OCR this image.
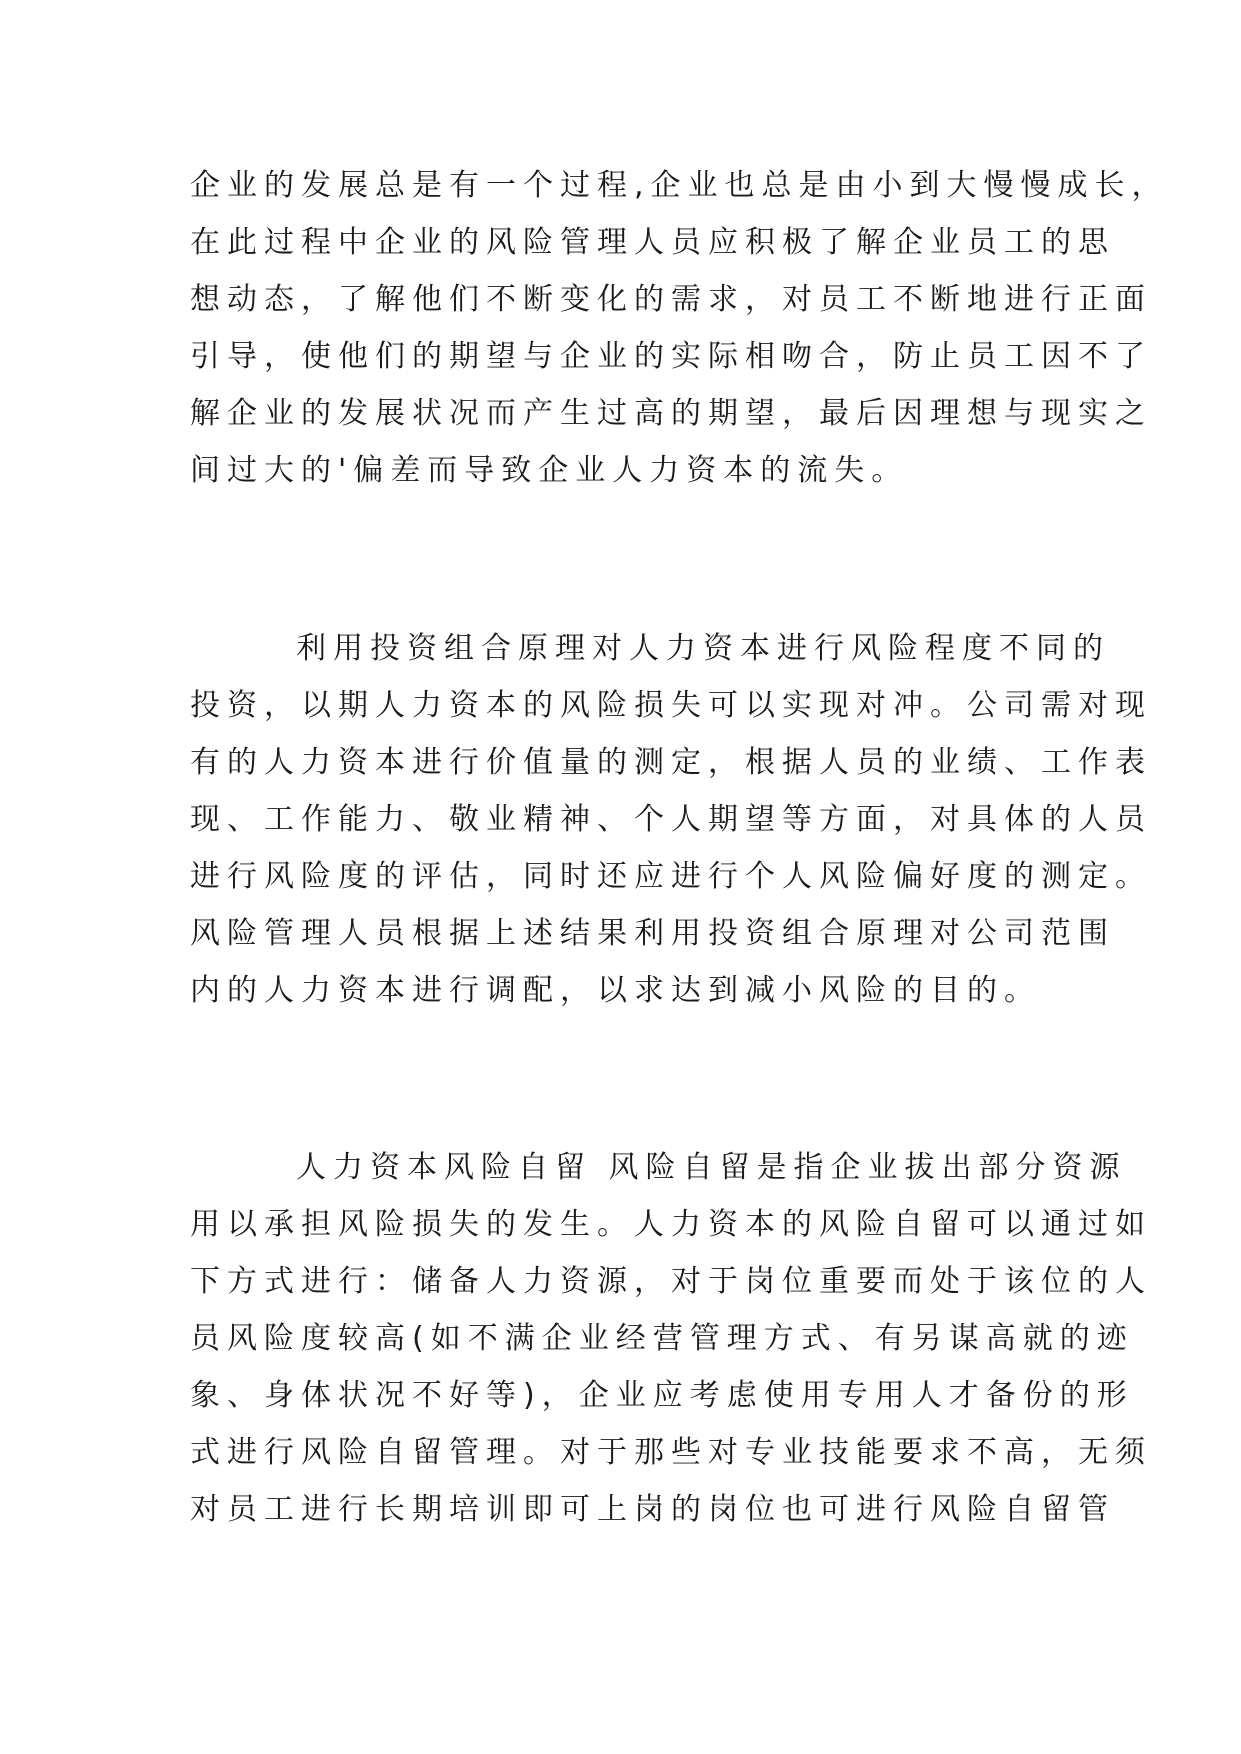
企业的发展总是有一个过程,企业也总是由小到大慢慢成长，
在此过程中企业的风险管理人员应积极了解企业员工的思
想动态，了解他们不断变化的需求，对员工不断地进行正面
引导，使他们的期望与企业的实际相吻合，防止员工因不了
解企业的发展状况而产生过高的期望，最后因理想与现实之
间过大的'偏差而导致企业人力资本的流失。
利用投资组合原理对人力资本进行风险程度不同的
投资，以期人力资本的风险损失可以实现对冲。公司需对现
有的人力资本进行价值量的测定，根据人员的业绩、工作表
现、工作能力、敬业精神、个人期望等方面，对具体的人员
进行风险度的评估，同时还应进行个人风险偏好度的测定。
风险管理人员根据上述结果利用投资组合原理对公司范围
内的人力资本进行调配，以求达到减小风险的目的。
人力资本风险自留 风险自留是指企业拔出部分资源
用以承担风险损失的发生。人力资本的风险自留可以通过如
下方式进行：储备人力资源，对于岗位重要而处于该位的人
员风险度较高(如不满企业经营管理方式、有另谋高就的迹
象、身体状况不好等)，企业应考虑使用专用人才备份的形
式进行风险自留管理。对于那些对专业技能要求不高，无须
对员工进行长期培训即可上岗的岗位也可进行风险自留管
